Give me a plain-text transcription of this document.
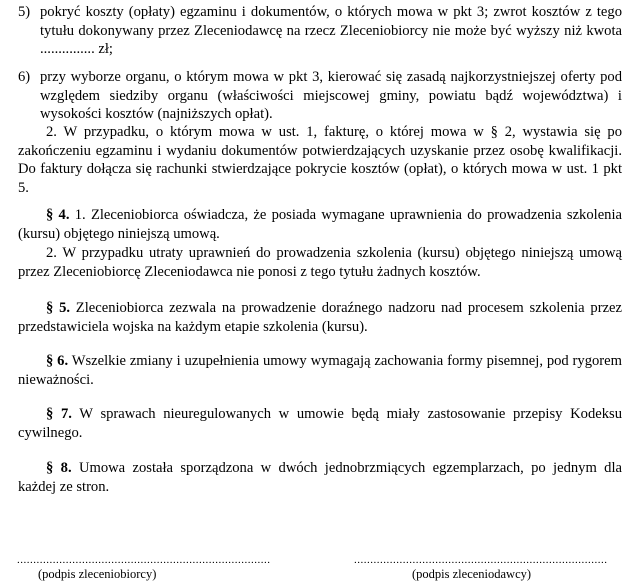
5) pokryć koszty (opłaty) egzaminu i dokumentów, o których mowa w pkt 3; zwrot kosztów z tego tytułu dokonywany przez Zleceniodawcę na rzecz Zleceniobiorcy nie może być wyższy niż kwota ............... zł;
6) przy wyborze organu, o którym mowa w pkt 3, kierować się zasadą najkorzystniejszej oferty pod względem siedziby organu (właściwości miejscowej gminy, powiatu bądź województwa) i wysokości kosztów (najniższych opłat).
2. W przypadku, o którym mowa w ust. 1, fakturę, o której mowa w § 2, wystawia się po zakończeniu egzaminu i wydaniu dokumentów potwierdzających uzyskanie przez osobę kwalifikacji. Do faktury dołącza się rachunki stwierdzające pokrycie kosztów (opłat), o których mowa w ust. 1 pkt 5.
§ 4. 1. Zleceniobiorca oświadcza, że posiada wymagane uprawnienia do prowadzenia szkolenia (kursu) objętego niniejszą umową.
2. W przypadku utraty uprawnień do prowadzenia szkolenia (kursu) objętego niniejszą umową przez Zleceniobiorcę Zleceniodawca nie ponosi z tego tytułu żadnych kosztów.
§ 5. Zleceniobiorca zezwala na prowadzenie doraźnego nadzoru nad procesem szkolenia przez przedstawiciela wojska na każdym etapie szkolenia (kursu).
§ 6. Wszelkie zmiany i uzupełnienia umowy wymagają zachowania formy pisemnej, pod rygorem nieważności.
§ 7. W sprawach nieuregulowanych w umowie będą miały zastosowanie przepisy Kodeksu cywilnego.
§ 8. Umowa została sporządzona w dwóch jednobrzmiących egzemplarzach, po jednym dla każdej ze stron.
..............................................................................
(podpis zleceniobiorcy)
..............................................................................
(podpis zleceniodawcy)
